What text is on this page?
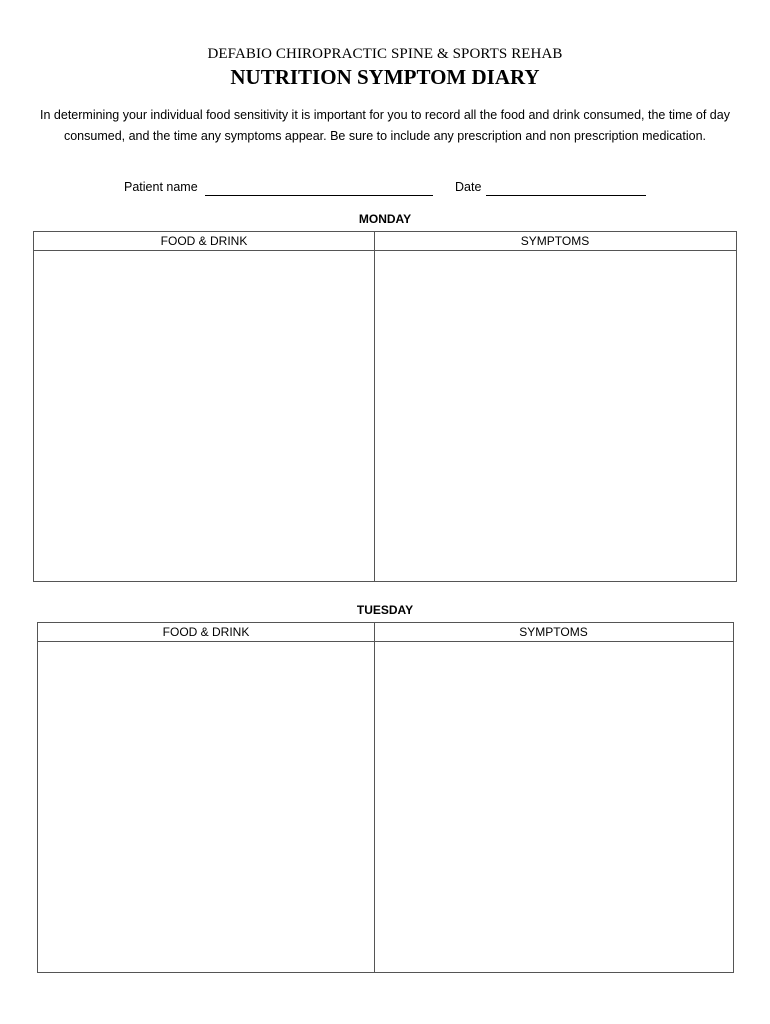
DEFABIO CHIROPRACTIC SPINE & SPORTS REHAB
NUTRITION SYMPTOM DIARY
In determining your individual food sensitivity it is important for you to record all the food and drink consumed, the time of day consumed, and the time any symptoms appear. Be sure to include any prescription and non prescription medication.
Patient name	Date
MONDAY
FOOD & DRINK	SYMPTOMS
TUESDAY
FOOD & DRINK	SYMPTOMS
